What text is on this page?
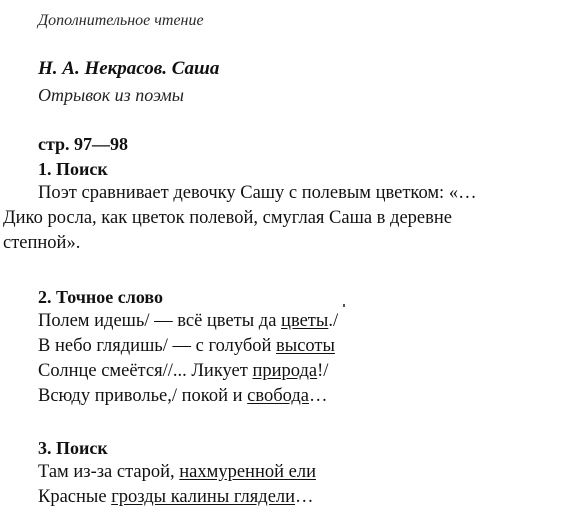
Дополнительное чтение
Н. А. Некрасов. Саша
Отрывок из поэмы
стр. 97—98
1. Поиск
Поэт сравнивает девочку Сашу с полевым цветком: «…
Дико росла, как цветок полевой, смуглая Саша в деревне
степной».
2. Точное слово
Полем идешь/ — всё цветы да цветы./
В небо глядишь/ — с голубой высоты
Солнце смеётся//... Ликует природа!/
Всюду приволье,/ покой и свобода…
3. Поиск
Там из-за старой, нахмуренной ели
Красные грозды калины глядели…
